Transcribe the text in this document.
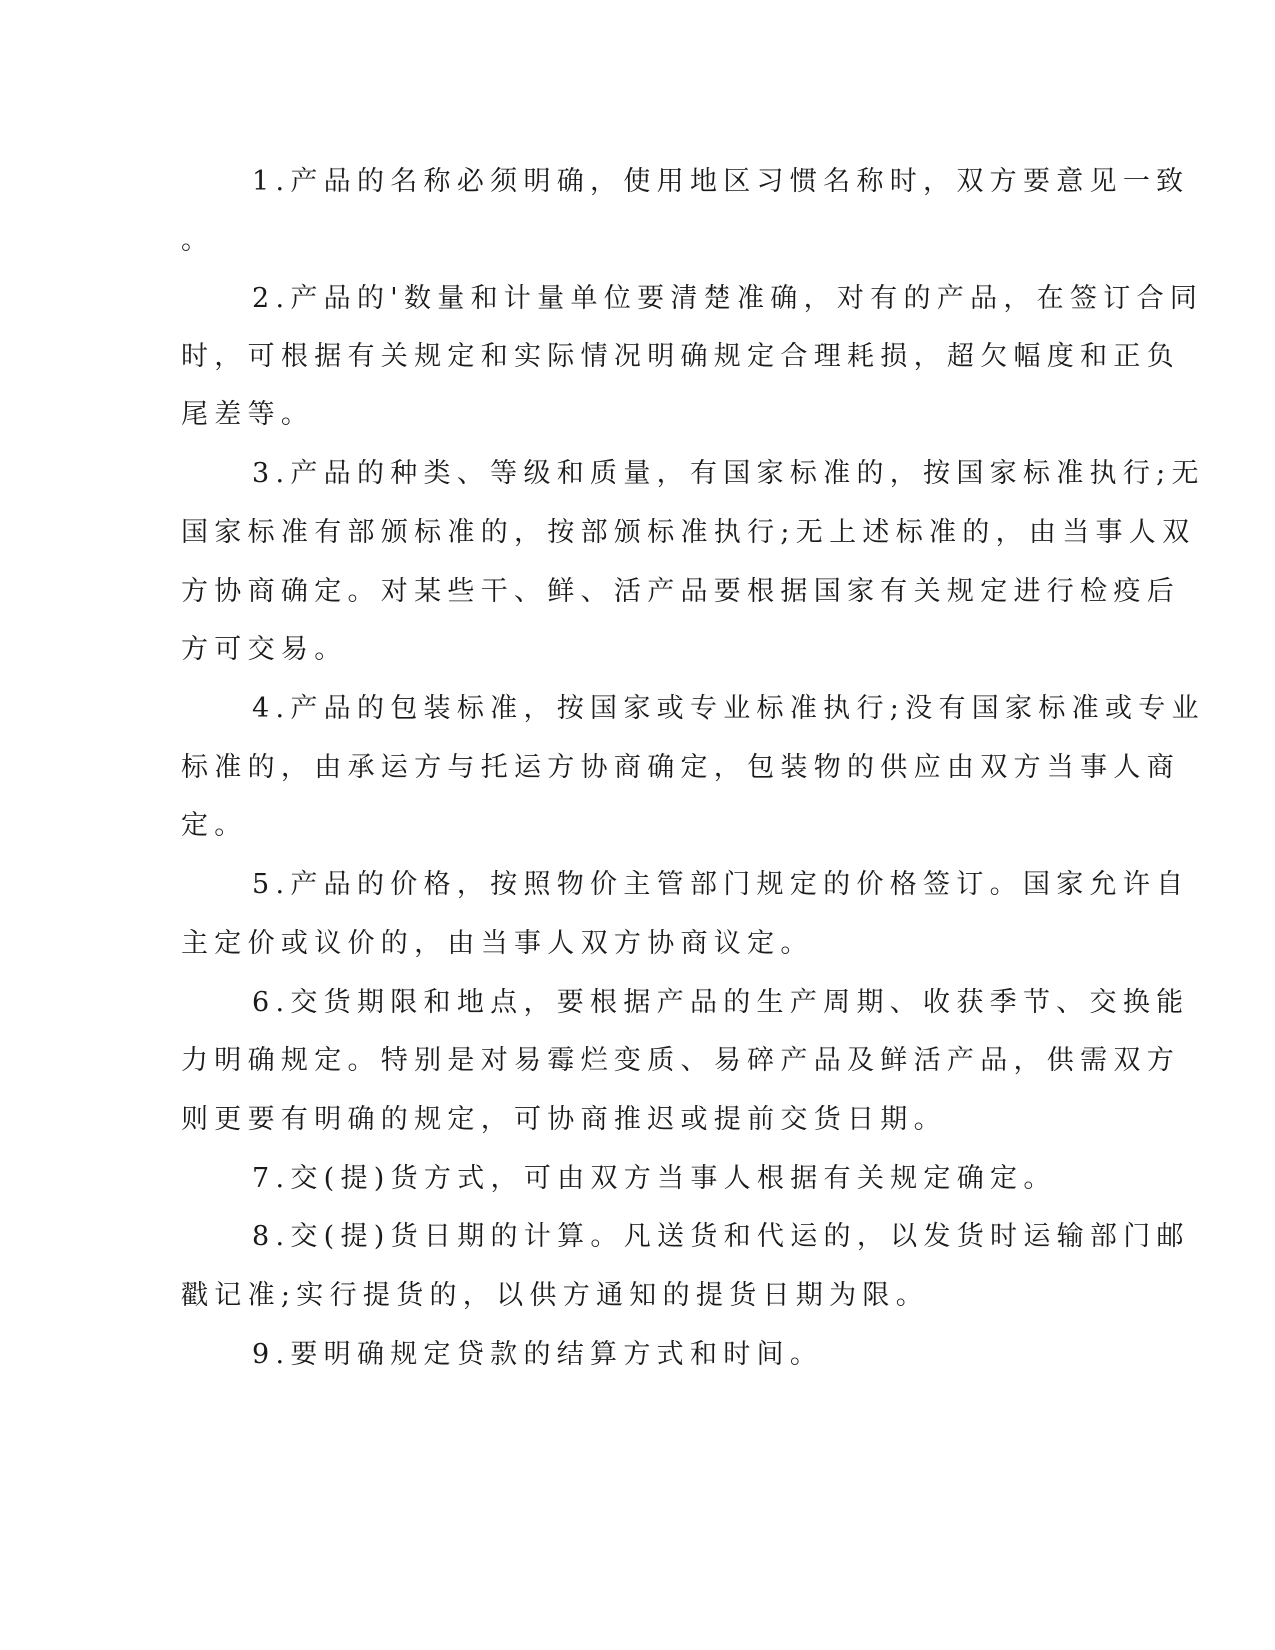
1.产品的名称必须明确，使用地区习惯名称时，双方要意见一致
。
2.产品的'数量和计量单位要清楚准确，对有的产品，在签订合同
时，可根据有关规定和实际情况明确规定合理耗损，超欠幅度和正负
尾差等。
3.产品的种类、等级和质量，有国家标准的，按国家标准执行;无
国家标准有部颁标准的，按部颁标准执行;无上述标准的，由当事人双
方协商确定。对某些干、鲜、活产品要根据国家有关规定进行检疫后
方可交易。
4.产品的包装标准，按国家或专业标准执行;没有国家标准或专业
标准的，由承运方与托运方协商确定，包装物的供应由双方当事人商
定。
5.产品的价格，按照物价主管部门规定的价格签订。国家允许自
主定价或议价的，由当事人双方协商议定。
6.交货期限和地点，要根据产品的生产周期、收获季节、交换能
力明确规定。特别是对易霉烂变质、易碎产品及鲜活产品，供需双方
则更要有明确的规定，可协商推迟或提前交货日期。
7.交(提)货方式，可由双方当事人根据有关规定确定。
8.交(提)货日期的计算。凡送货和代运的，以发货时运输部门邮
戳记准;实行提货的，以供方通知的提货日期为限。
9.要明确规定贷款的结算方式和时间。
